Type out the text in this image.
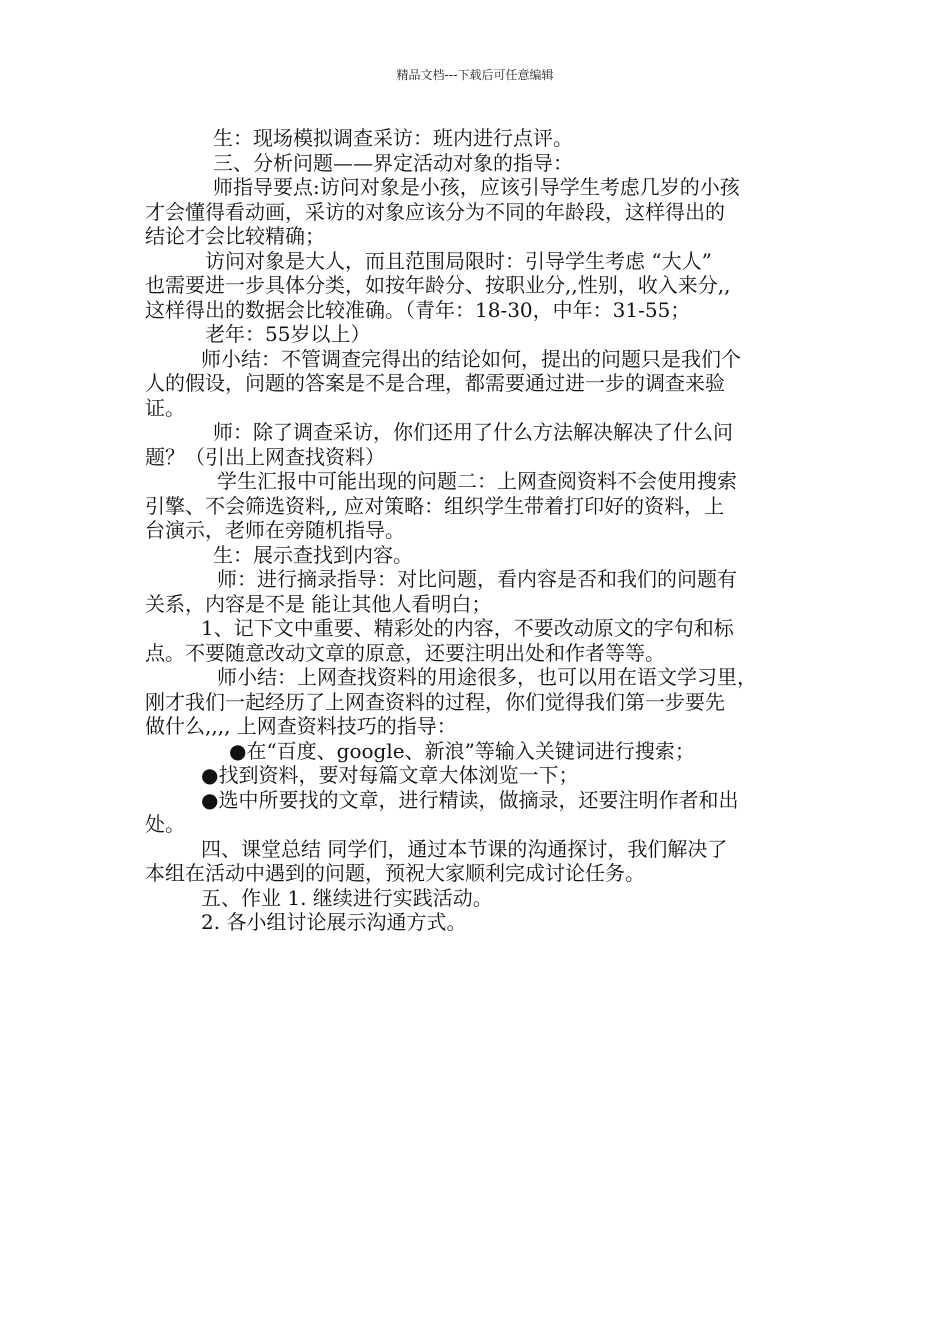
精品文档---下载后可任意编辑
生：现场模拟调查采访：班内进行点评。
三、分析问题——界定活动对象的指导：
师指导要点:访问对象是小孩，应该引导学生考虑几岁的小孩
才会懂得看动画，采访的对象应该分为不同的年龄段，这样得出的
结论才会比较精确；
访问对象是大人，而且范围局限时：引导学生考虑 “大人”
也需要进一步具体分类，如按年龄分、按职业分,,性别，收入来分,,
这样得出的数据会比较准确。（青年：18-30，中年：31-55；
老年：55岁以上）
师小结：不管调查完得出的结论如何，提出的问题只是我们个
人的假设，问题的答案是不是合理，都需要通过进一步的调查来验
证。
师：除了调查采访，你们还用了什么方法解决解决了什么问
题？（引出上网查找资料）
学生汇报中可能出现的问题二：上网查阅资料不会使用搜索
引擎、不会筛选资料,, 应对策略：组织学生带着打印好的资料，上
台演示，老师在旁随机指导。
生：展示查找到内容。
师：进行摘录指导：对比问题，看内容是否和我们的问题有
关系，内容是不是 能让其他人看明白；
1、记下文中重要、精彩处的内容，不要改动原文的字句和标
点。不要随意改动文章的原意，还要注明出处和作者等等。
师小结：上网查找资料的用途很多，也可以用在语文学习里，
刚才我们一起经历了上网查资料的过程，你们觉得我们第一步要先
做什么,,,, 上网查资料技巧的指导：
●在“百度、google、新浪”等输入关键词进行搜索；
●找到资料，要对每篇文章大体浏览一下；
●选中所要找的文章，进行精读，做摘录，还要注明作者和出
处。
四、课堂总结 同学们，通过本节课的沟通探讨，我们解决了
本组在活动中遇到的问题，预祝大家顺利完成讨论任务。
五、作业 1. 继续进行实践活动。
2. 各小组讨论展示沟通方式。
